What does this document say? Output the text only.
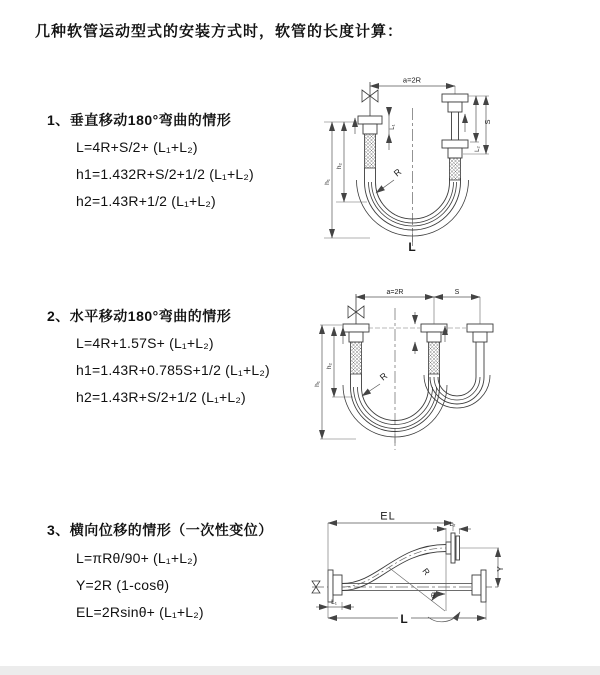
几种软管运动型式的安装方式时，软管的长度计算：
1、垂直移动180°弯曲的情形
L=4R+S/2+ (L₁+L₂)
h1=1.432R+S/2+1/2 (L₁+L₂)
h2=1.43R+1/2 (L₁+L₂)
a=2R
S
L₂
h₁
h₂
L₁
R
L
2、水平移动180°弯曲的情形
L=4R+1.57S+ (L₁+L₂)
h1=1.43R+0.785S+1/2 (L₁+L₂)
h2=1.43R+S/2+1/2 (L₁+L₂)
a=2R	S
h₁
h₂
R
3、横向位移的情形（一次性变位）
L=πRθ/90+ (L₁+L₂)
Y=2R (1-cosθ)
EL=2Rsinθ+ (L₁+L₂)
θ
R
EL
L₂
Y
L
L₁
